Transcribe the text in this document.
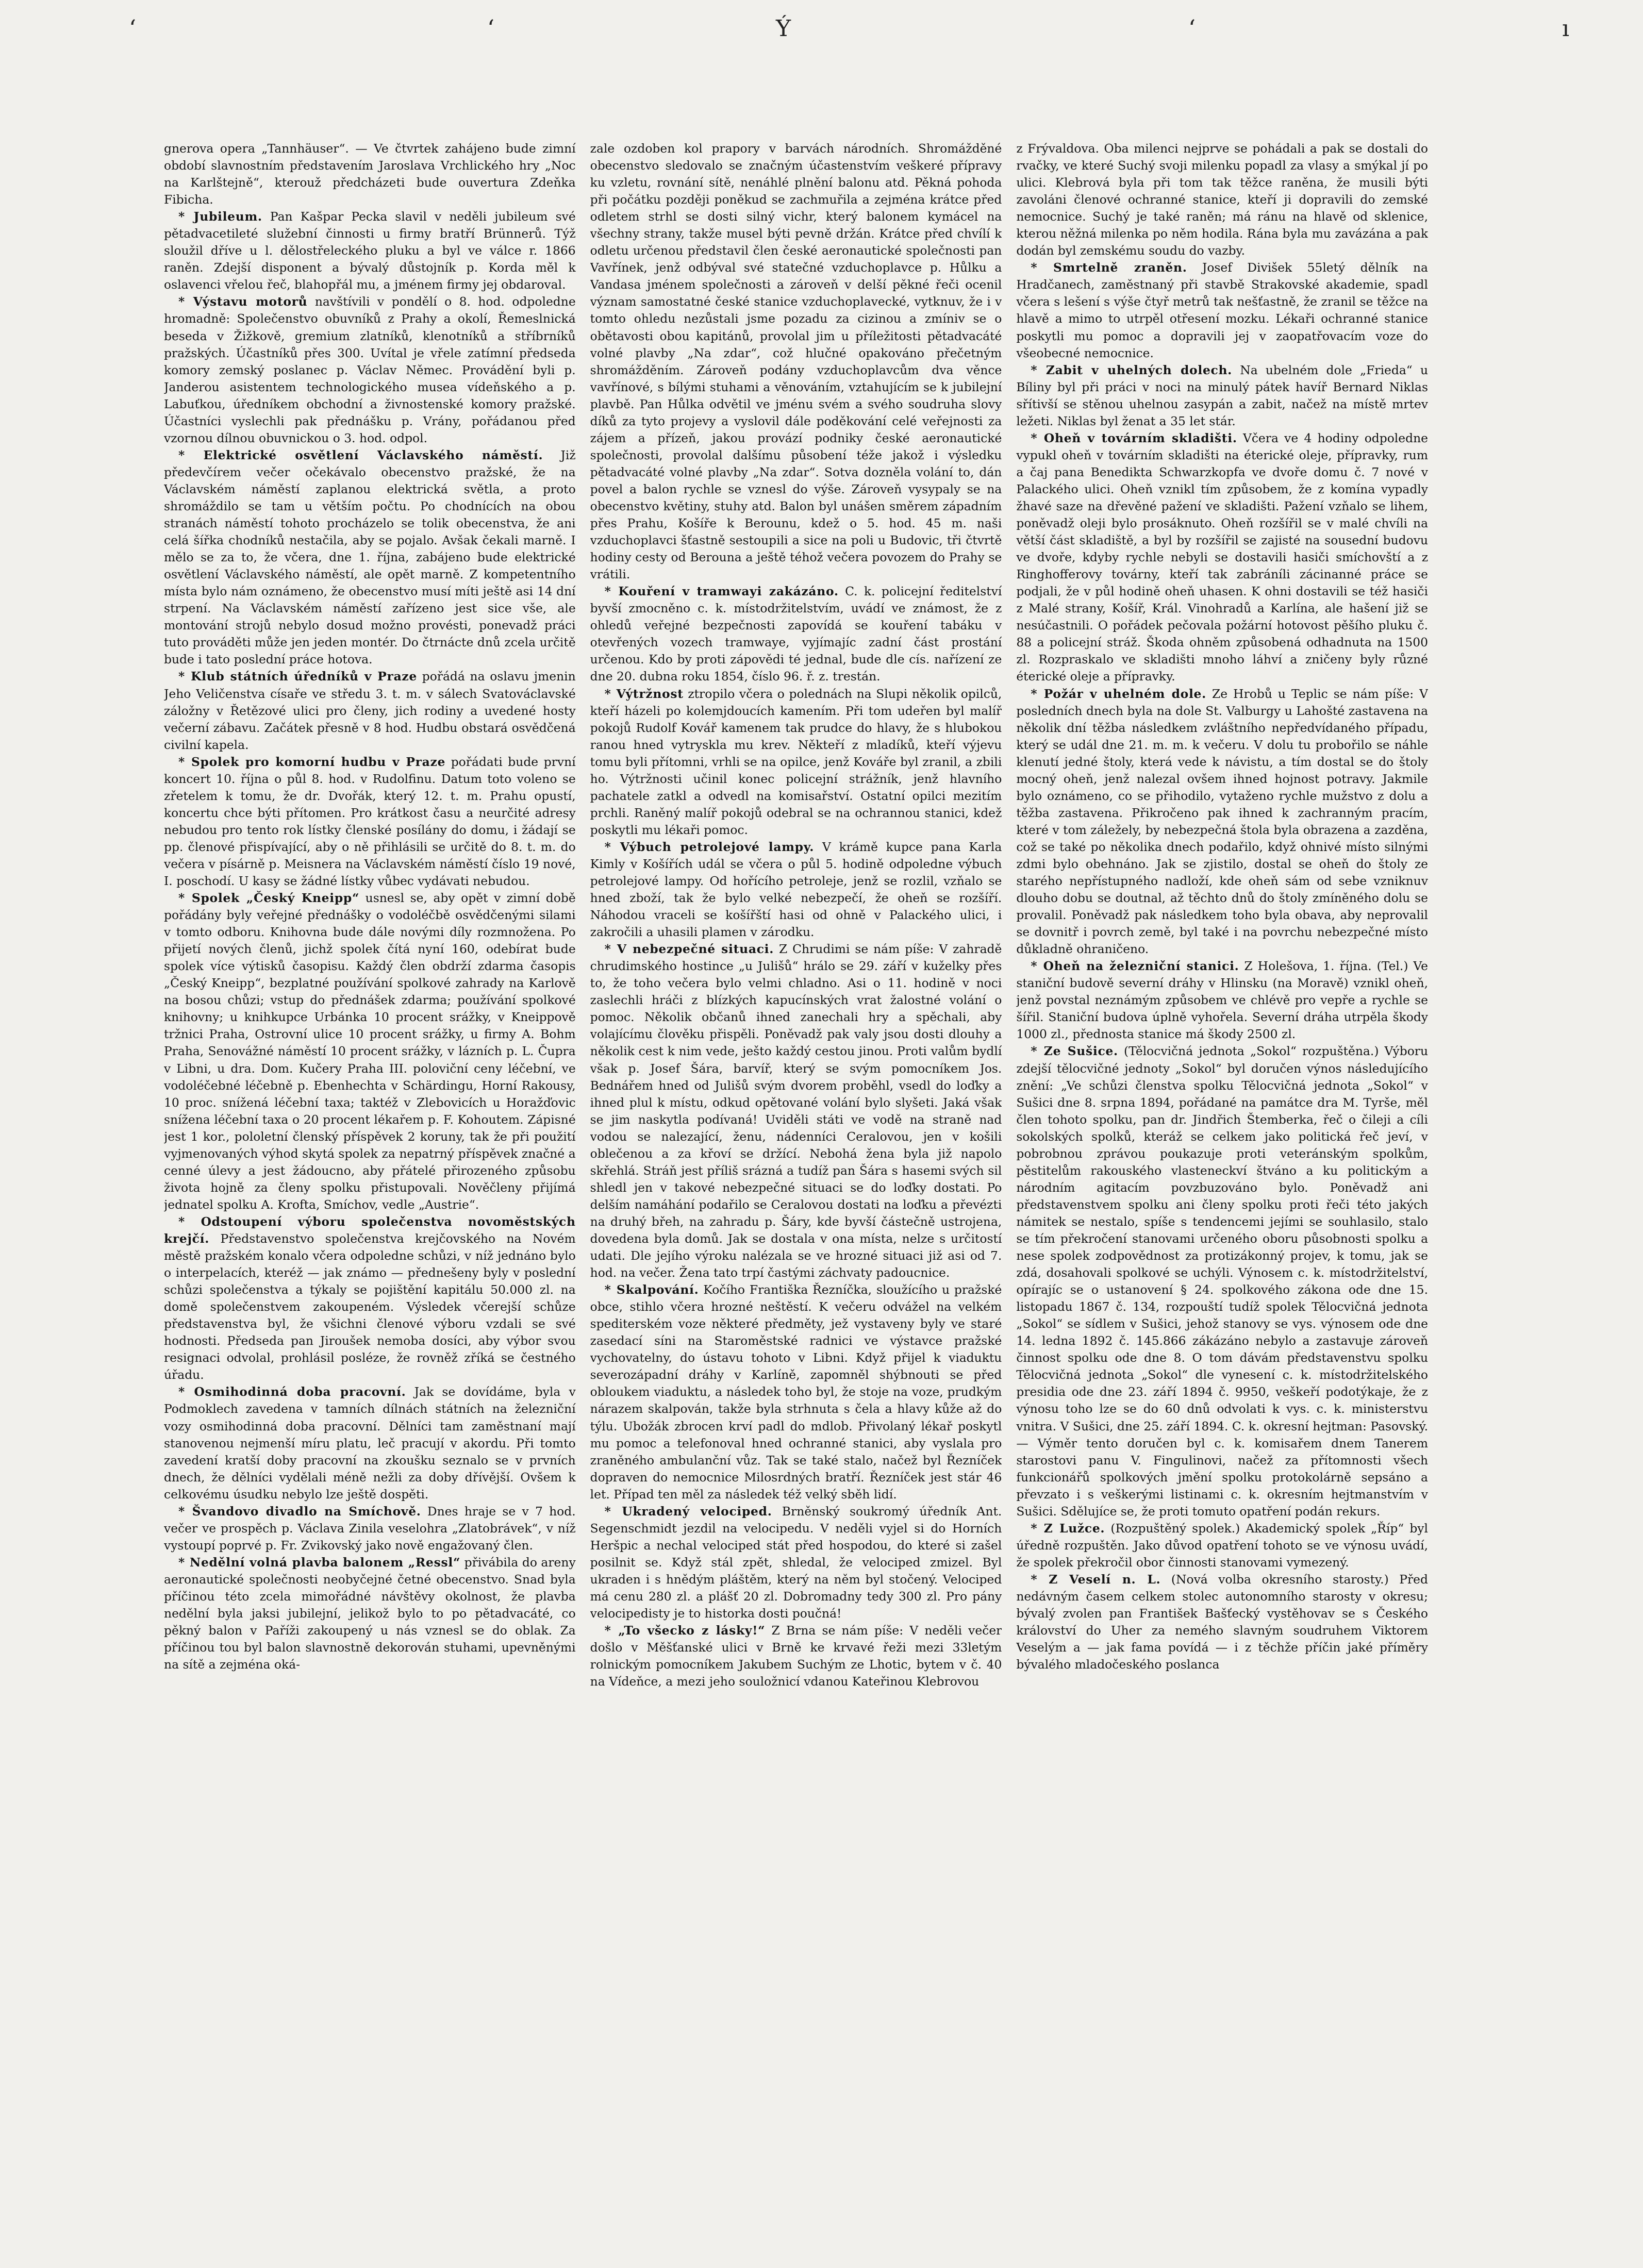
ʻ	ʻ	Ý	ʻ	ı

gnerova opera „Tannhäuser“. — Ve čtvrtek zahájeno bude zimní období slavnostním představením Jaroslava Vrchlického hry „Noc na Karlštejně“, kterouž předcházeti bude ouvertura Zdeňka Fibicha.

* Jubileum. Pan Kašpar Pecka slavil v neděli jubileum své pětadvacetileté služební činnosti u firmy bratří Brünnerů. Týž sloužil dříve u l. dělostřeleckého pluku a byl ve válce r. 1866 raněn. Zdejší disponent a bývalý důstojník p. Korda měl k oslavenci vřelou řeč, blahopřál mu, a jménem firmy jej obdaroval.

* Výstavu motorů navštívili v pondělí o 8. hod. odpoledne hromadně: Společenstvo obuvníků z Prahy a okolí, Řemeslnická beseda v Žižkově, gremium zlatníků, klenotníků a stříbrníků pražských. Účastníků přes 300. Uvítal je vřele zatímní předseda komory zemský poslanec p. Václav Němec. Provádění byli p. Janderou asistentem technologického musea vídeňského a p. Labuťkou, úředníkem obchodní a živnostenské komory pražské. Účastníci vyslechli pak přednášku p. Vrány, pořádanou před vzornou dílnou obuvnickou o 3. hod. odpol.

* Elektrické osvětlení Václavského náměstí. Již předevčírem večer očekávalo obecenstvo pražské, že na Václavském náměstí zaplanou elektrická světla, a proto shromáždilo se tam u větším počtu. Po chodnících na obou stranách náměstí tohoto procházelo se tolik obecenstva, že ani celá šířka chodníků nestačila, aby se pojalo. Avšak čekali marně. I mělo se za to, že včera, dne 1. října, zabájeno bude elektrické osvětlení Václavského náměstí, ale opět marně. Z kompetentního místa bylo nám oznámeno, že obecenstvo musí míti ještě asi 14 dní strpení. Na Václavském náměstí zařízeno jest sice vše, ale montování strojů nebylo dosud možno provésti, ponevadž práci tuto prováděti může jen jeden montér. Do čtrnácte dnů zcela určitě bude i tato poslední práce hotova.

* Klub státních úředníků v Praze pořádá na oslavu jmenin Jeho Veličenstva císaře ve středu 3. t. m. v sálech Svatováclavské záložny v Řetězové ulici pro členy, jich rodiny a uvedené hosty večerní zábavu. Začátek přesně v 8 hod. Hudbu obstará osvědčená civilní kapela.

* Spolek pro komorní hudbu v Praze pořádati bude první koncert 10. října o půl 8. hod. v Rudolfinu. Datum toto voleno se zřetelem k tomu, že dr. Dvořák, který 12. t. m. Prahu opustí, koncertu chce býti přítomen. Pro krátkost času a neurčité adresy nebudou pro tento rok lístky členské posílány do domu, i žádají se pp. členové přispívající, aby o ně přihlásili se určitě do 8. t. m. do večera v písárně p. Meisnera na Václavském náměstí číslo 19 nové, I. poschodí. U kasy se žádné lístky vůbec vydávati nebudou.

* Spolek „Český Kneipp“ usnesl se, aby opět v zimní době pořádány byly veřejné přednášky o vodoléčbě osvědčenými silami v tomto odboru. Knihovna bude dále novými díly rozmnožena. Po přijetí nových členů, jichž spolek čítá nyní 160, odebírat bude spolek více výtisků časopisu. Každý člen obdrží zdarma časopis „Český Kneipp“, bezplatné používání spolkové zahrady na Karlově na bosou chůzi; vstup do přednášek zdarma; používání spolkové knihovny; u knihkupce Urbánka 10 procent srážky, v Kneippově tržnici Praha, Ostrovní ulice 10 procent srážky, u firmy A. Bohm Praha, Senovážné náměstí 10 procent srážky, v lázních p. L. Čupra v Libni, u dra. Dom. Kučery Praha III. poloviční ceny léčební, ve vodoléčebné léčebně p. Ebenhechta v Schärdingu, Horní Rakousy, 10 proc. snížená léčební taxa; taktéž v Zlebovicích u Horažďovic snížena léčební taxa o 20 procent lékařem p. F. Kohoutem. Zápisné jest 1 kor., pololetní členský příspěvek 2 koruny, tak že při použití vyjmenovaných výhod skytá spolek za nepatrný příspěvek značné a cenné úlevy a jest žádoucno, aby přátelé přirozeného způsobu života hojně za členy spolku přistupovali. Nověčleny přijímá jednatel spolku A. Krofta, Smíchov, vedle „Austrie“.

* Odstoupení výboru společenstva novoměstských krejčí. Představenstvo společenstva krejčovského na Novém městě pražském konalo včera odpoledne schůzi, v níž jednáno bylo o interpelacích, kteréž — jak známo — přednešeny byly v poslední schůzi společenstva a týkaly se pojištění kapitálu 50.000 zl. na domě společenstvem zakoupeném. Výsledek včerejší schůze představenstva byl, že všichni členové výboru vzdali se své hodnosti. Předseda pan Jiroušek nemoba dosíci, aby výbor svou resignaci odvolal, prohlásil posléze, že rovněž zříká se čestného úřadu.

* Osmihodinná doba pracovní. Jak se dovídáme, byla v Podmoklech zavedena v tamních dílnách státních na železniční vozy osmihodinná doba pracovní. Dělníci tam zaměstnaní mají stanovenou nejmenší míru platu, leč pracují v akordu. Při tomto zavedení kratší doby pracovní na zkoušku seznalo se v prvních dnech, že dělníci vydělali méně nežli za doby dřívější. Ovšem k celkovému úsudku nebylo lze ještě dospěti.

* Švandovo divadlo na Smíchově. Dnes hraje se v 7 hod. večer ve prospěch p. Václava Zinila veselohra „Zlatobrávek“, v níž vystoupí poprvé p. Fr. Zvikovský jako nově engažovaný člen.

* Nedělní volná plavba balonem „Ressl“ přivábila do areny aeronautické společnosti neobyčejné četné obecenstvo. Snad byla příčinou této zcela mimořádné návštěvy okolnost, že plavba nedělní byla jaksi jubilejní, jelikož bylo to po pětadvacáté, co pěkný balon v Paříži zakoupený u nás vznesl se do oblak. Za příčinou tou byl balon slavnostně dekorován stuhami, upevněnými na sítě a zejména oká-

zale ozdoben kol prapory v barvách národních. Shromážděné obecenstvo sledovalo se značným účastenstvím veškeré přípravy ku vzletu, rovnání sítě, nenáhlé plnění balonu atd. Pěkná pohoda při počátku později poněkud se zachmuřila a zejména krátce před odletem strhl se dosti silný vichr, který balonem kymácel na všechny strany, takže musel býti pevně držán. Krátce před chvílí k odletu určenou představil člen české aeronautické společnosti pan Vavřínek, jenž odbýval své statečné vzduchoplavce p. Hůlku a Vandasa jménem společnosti a zároveň v delší pěkné řeči ocenil význam samostatné české stanice vzduchoplavecké, vytknuv, že i v tomto ohledu nezůstali jsme pozadu za cizinou a zmíniv se o obětavosti obou kapitánů, provolal jim u příležitosti pětadvacáté volné plavby „Na zdar“, což hlučné opakováno přečetným shromážděním. Zároveň podány vzduchoplavcům dva věnce vavřínové, s bílými stuhami a věnováním, vztahujícím se k jubilejní plavbě. Pan Hůlka odvětil ve jménu svém a svého soudruha slovy díků za tyto projevy a vyslovil dále poděkování celé veřejnosti za zájem a přízeň, jakou provází podniky české aeronautické společnosti, provolal dalšímu působení téže jakož i výsledku pětadvacáté volné plavby „Na zdar“. Sotva dozněla volání to, dán povel a balon rychle se vznesl do výše. Zároveň vysypaly se na obecenstvo květiny, stuhy atd. Balon byl unášen směrem západním přes Prahu, Košíře k Berounu, kdež o 5. hod. 45 m. naši vzduchoplavci šťastně sestoupili a sice na poli u Budovic, tři čtvrtě hodiny cesty od Berouna a ještě téhož večera povozem do Prahy se vrátili.

* Kouření v tramwayi zakázáno. C. k. policejní ředitelství byvší zmocněno c. k. místodržitelstvím, uvádí ve známost, že z ohledů veřejné bezpečnosti zapovídá se kouření tabáku v otevřených vozech tramwaye, vyjímajíc zadní část prostání určenou. Kdo by proti zápovědi té jednal, bude dle cís. nařízení ze dne 20. dubna roku 1854, číslo 96. ř. z. trestán.

* Výtržnost ztropilo včera o polednách na Slupi několik opilců, kteří házeli po kolemjdoucích kamením. Při tom udeřen byl malíř pokojů Rudolf Kovář kamenem tak prudce do hlavy, že s hlubokou ranou hned vytryskla mu krev. Někteří z mladíků, kteří výjevu tomu byli přítomni, vrhli se na opilce, jenž Kováře byl zranil, a zbili ho. Výtržnosti učinil konec policejní strážník, jenž hlavního pachatele zatkl a odvedl na komisařství. Ostatní opilci mezitím prchli. Raněný malíř pokojů odebral se na ochrannou stanici, kdež poskytli mu lékaři pomoc.

* Výbuch petrolejové lampy. V krámě kupce pana Karla Kimly v Košířích udál se včera o půl 5. hodině odpoledne výbuch petrolejové lampy. Od hořícího petroleje, jenž se rozlil, vzňalo se hned zboží, tak že bylo velké nebezpečí, že oheň se rozšíří. Náhodou vraceli se košířští hasi od ohně v Palackého ulici, i zakročili a uhasili plamen v zárodku.

* V nebezpečné situaci. Z Chrudimi se nám píše: V zahradě chrudimského hostince „u Julišů“ hrálo se 29. září v kuželky přes to, že toho večera bylo velmi chladno. Asi o 11. hodině v noci zaslechli hráči z blízkých kapucínských vrat žalostné volání o pomoc. Několik občanů ihned zanechali hry a spěchali, aby volajícímu člověku přispěli. Poněvadž pak valy jsou dosti dlouhy a několik cest k nim vede, ješto každý cestou jinou. Proti valům bydlí však p. Josef Šára, barvíř, který se svým pomocníkem Jos. Bednářem hned od Julišů svým dvorem proběhl, vsedl do loďky a ihned plul k místu, odkud opětované volání bylo slyšeti. Jaká však se jim naskytla podívaná! Uviděli státi ve vodě na straně nad vodou se nalezající, ženu, nádenníci Ceralovou, jen v košili oblečenou a za křoví se držící. Nebohá žena byla již napolo skřehlá. Stráň jest příliš srázná a tudíž pan Šára s hasemi svých sil shledl jen v takové nebezpečné situaci se do loďky dostati. Po delším namáhání podařilo se Ceralovou dostati na loďku a převézti na druhý břeh, na zahradu p. Šáry, kde byvší částečně ustrojena, dovedena byla domů. Jak se dostala v ona místa, nelze s určitostí udati. Dle jejího výroku nalézala se ve hrozné situaci již asi od 7. hod. na večer. Žena tato trpí častými záchvaty padoucnice.

* Skalpování. Kočího Františka Řezníčka, sloužícího u pražské obce, stihlo včera hrozné neštěstí. K večeru odvážel na velkém spediterském voze některé předměty, jež vystaveny byly ve staré zasedací síni na Staroměstské radnici ve výstavce pražské vychovatelny, do ústavu tohoto v Libni. Když přijel k viaduktu severozápadní dráhy v Karlíně, zapomněl shýbnouti se před obloukem viaduktu, a následek toho byl, že stoje na voze, prudkým nárazem skalpován, takže byla strhnuta s čela a hlavy kůže až do týlu. Ubožák zbrocen krví padl do mdlob. Přivolaný lékař poskytl mu pomoc a telefonoval hned ochranné stanici, aby vyslala pro zraněného ambulanční vůz. Tak se také stalo, načež byl Řezníček dopraven do nemocnice Milosrdných bratří. Řezníček jest stár 46 let. Případ ten měl za následek též velký sběh lidí.

* Ukradený velociped. Brněnský soukromý úředník Ant. Segenschmidt jezdil na velocipedu. V neděli vyjel si do Horních Heršpic a nechal velociped stát před hospodou, do které si zašel posilnit se. Když stál zpět, shledal, že velociped zmizel. Byl ukraden i s hnědým pláštěm, který na něm byl stočený. Velociped má cenu 280 zl. a plášť 20 zl. Dobromadny tedy 300 zl. Pro pány velocipedisty je to historka dosti poučná!

* „To všecko z lásky!“ Z Brna se nám píše: V neděli večer došlo v Měšťanské ulici v Brně ke krvavé řeži mezi 33letým rolnickým pomocníkem Jakubem Suchým ze Lhotic, bytem v č. 40 na Vídeňce, a mezi jeho souložnicí vdanou Kateřinou Klebrovou

z Frývaldova. Oba milenci nejprve se pohádali a pak se dostali do rvačky, ve které Suchý svoji milenku popadl za vlasy a smýkal jí po ulici. Klebrová byla při tom tak těžce raněna, že musili býti zavoláni členové ochranné stanice, kteří ji dopravili do zemské nemocnice. Suchý je také raněn; má ránu na hlavě od sklenice, kterou něžná milenka po něm hodila. Rána byla mu zavázána a pak dodán byl zemskému soudu do vazby.

* Smrtelně zraněn. Josef Divišek 55letý dělník na Hradčanech, zaměstnaný při stavbě Strakovské akademie, spadl včera s lešení s výše čtyř metrů tak nešťastně, že zranil se těžce na hlavě a mimo to utrpěl otřesení mozku. Lékaři ochranné stanice poskytli mu pomoc a dopravili jej v zaopatřovacím voze do všeobecné nemocnice.

* Zabit v uhelných dolech. Na ubelném dole „Frieda“ u Bíliny byl při práci v noci na minulý pátek havíř Bernard Niklas sřítivší se stěnou uhelnou zasypán a zabit, načež na místě mrtev ležeti. Niklas byl ženat a 35 let stár.

* Oheň v továrním skladišti. Včera ve 4 hodiny odpoledne vypukl oheň v továrním skladišti na éterické oleje, přípravky, rum a čaj pana Benedikta Schwarzkopfa ve dvoře domu č. 7 nové v Palackého ulici. Oheň vznikl tím způsobem, že z komína vypadly žhavé saze na dřevěné pažení ve skladišti. Pažení vzňalo se lihem, poněvadž oleji bylo prosáknuto. Oheň rozšířil se v malé chvíli na větší část skladiště, a byl by rozšířil se zajisté na sousední budovu ve dvoře, kdyby rychle nebyli se dostavili hasiči smíchovští a z Ringhofferovy továrny, kteří tak zabráníli zácinanné práce se podjali, že v půl hodině oheň uhasen. K ohni dostavili se též hasiči z Malé strany, Košíř, Král. Vinohradů a Karlína, ale hašení již se nesúčastnili. O pořádek pečovala požární hotovost pěšího pluku č. 88 a policejní stráž. Škoda ohněm způsobená odhadnuta na 1500 zl. Rozpraskalo ve skladišti mnoho láhví a zničeny byly různé éterické oleje a přípravky.

* Požár v uhelném dole. Ze Hrobů u Teplic se nám píše: V posledních dnech byla na dole St. Valburgy u Lahošté zastavena na několik dní těžba následkem zvláštního nepředvídaného případu, který se udál dne 21. m. m. k večeru. V dolu tu probořilo se náhle klenutí jedné štoly, která vede k návistu, a tím dostal se do štoly mocný oheň, jenž nalezal ovšem ihned hojnost potravy. Jakmile bylo oznámeno, co se přihodilo, vytaženo rychle mužstvo z dolu a těžba zastavena. Přikročeno pak ihned k zachranným pracím, které v tom záležely, by nebezpečná štola byla obrazena a zazděna, což se také po několika dnech podařilo, když ohnivé místo silnými zdmi bylo obehnáno. Jak se zjistilo, dostal se oheň do štoly ze starého nepřístupného nadloží, kde oheň sám od sebe vzniknuv dlouho dobu se doutnal, až těchto dnů do štoly zmíněného dolu se provalil. Poněvadž pak následkem toho byla obava, aby neprovalil se dovnitř i povrch země, byl také i na povrchu nebezpečné místo důkladně ohraničeno.

* Oheň na železniční stanici. Z Holešova, 1. října. (Tel.) Ve staniční budově severní dráhy v Hlinsku (na Moravě) vznikl oheň, jenž povstal neznámým způsobem ve chlévě pro vepře a rychle se šířil. Staniční budova úplně vyhořela. Severní dráha utrpěla škody 1000 zl., přednosta stanice má škody 2500 zl.

* Ze Sušice. (Tělocvičná jednota „Sokol“ rozpuštěna.) Výboru zdejší tělocvičné jednoty „Sokol“ byl doručen výnos následujícího znění: „Ve schůzi členstva spolku Tělocvičná jednota „Sokol“ v Sušici dne 8. srpna 1894, pořádané na památce dra M. Tyrše, měl člen tohoto spolku, pan dr. Jindřich Štemberka, řeč o čileji a cíli sokolských spolků, kteráž se celkem jako politická řeč jeví, v pobrobnou zprávou poukazuje proti veteránským spolkům, pěstitelům rakouského vlasteneckví štváno a ku politickým a národním agitacím povzbuzováno bylo. Poněvadž ani představenstvem spolku ani členy spolku proti řeči této jakých námitek se nestalo, spíše s tendencemi jejími se souhlasilo, stalo se tím překročení stanovami určeného oboru působnosti spolku a nese spolek zodpovědnost za protizákonný projev, k tomu, jak se zdá, dosahovali spolkové se uchýli. Výnosem c. k. místodržitelství, opírajíc se o ustanovení § 24. spolkového zákona ode dne 15. listopadu 1867 č. 134, rozpouští tudíž spolek Tělocvičná jednota „Sokol“ se sídlem v Sušici, jehož stanovy se vys. výnosem ode dne 14. ledna 1892 č. 145.866 zákázáno nebylo a zastavuje zároveň činnost spolku ode dne 8. O tom dávám představenstvu spolku Tělocvičná jednota „Sokol“ dle vynesení c. k. místodržitelského presidia ode dne 23. září 1894 č. 9950, veškeří podotýkaje, že z výnosu toho lze se do 60 dnů odvolati k vys. c. k. ministerstvu vnitra. V Sušici, dne 25. září 1894. C. k. okresní hejtman: Pasovský. — Výměr tento doručen byl c. k. komisařem dnem Tanerem starostovi panu V. Fingulinovi, načež za přítomnosti všech funkcionářů spolkových jmění spolku protokolárně sepsáno a převzato i s veškerými listinami c. k. okresním hejtmanstvím v Sušici. Sdělujíce se, že proti tomuto opatření podán rekurs.

* Z Lužce. (Rozpuštěný spolek.) Akademický spolek „Říp“ byl úředně rozpuštěn. Jako důvod opatření tohoto se ve výnosu uvádí, že spolek překročil obor činnosti stanovami vymezený.

* Z Veselí n. L. (Nová volba okresního starosty.) Před nedávným časem celkem stolec autonomního starosty v okresu; bývalý zvolen pan František Bašťecký vystěhovav se s Českého království do Uher za nemého slavným soudruhem Viktorem Veselým a — jak fama povídá — i z těchže příčin jaké příměry bývalého mladočeského poslanca
